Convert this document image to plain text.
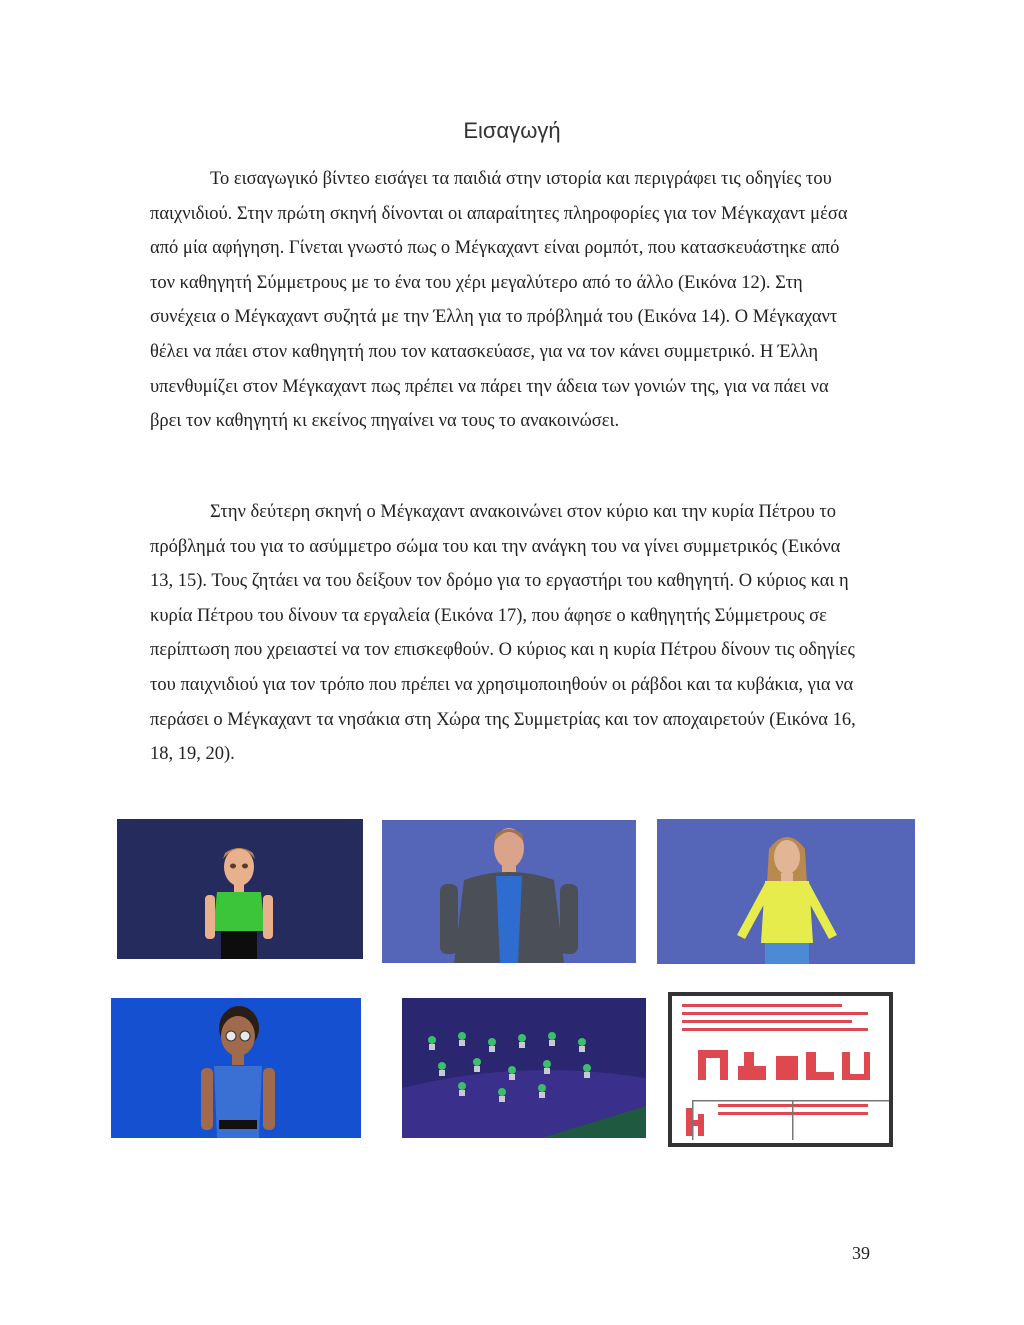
Εισαγωγή

Το εισαγωγικό βίντεο εισάγει τα παιδιά στην ιστορία και περιγράφει τις οδηγίες του παιχνιδιού. Στην πρώτη σκηνή δίνονται οι απαραίτητες πληροφορίες για τον Μέγκαχαντ μέσα από μία αφήγηση. Γίνεται γνωστό πως ο Μέγκαχαντ είναι ρομπότ, που κατασκευάστηκε από τον καθηγητή Σύμμετρους με το ένα του χέρι μεγαλύτερο από το άλλο (Εικόνα 12). Στη συνέχεια ο Μέγκαχαντ συζητά με την Έλλη για το πρόβλημά του (Εικόνα 14). Ο Μέγκαχαντ θέλει να πάει στον καθηγητή που τον κατασκεύασε, για να τον κάνει συμμετρικό. Η Έλλη υπενθυμίζει στον Μέγκαχαντ πως πρέπει να πάρει την άδεια των γονιών της, για να πάει να βρει τον καθηγητή κι εκείνος πηγαίνει να τους το ανακοινώσει.

Στην δεύτερη σκηνή ο Μέγκαχαντ ανακοινώνει στον κύριο και την κυρία Πέτρου το πρόβλημά του για το ασύμμετρο σώμα του και την ανάγκη του να γίνει συμμετρικός (Εικόνα 13, 15). Τους ζητάει να του δείξουν τον δρόμο για το εργαστήρι του καθηγητή. Ο κύριος και η κυρία Πέτρου του δίνουν τα εργαλεία (Εικόνα 17), που άφησε ο καθηγητής Σύμμετρους σε περίπτωση που χρειαστεί να τον επισκεφθούν. Ο κύριος και η κυρία Πέτρου δίνουν τις οδηγίες του παιχνιδιού για τον τρόπο που πρέπει να χρησιμοποιηθούν οι ράβδοι και τα κυβάκια, για να περάσει ο Μέγκαχαντ τα νησάκια στη Χώρα της Συμμετρίας και τον αποχαιρετούν (Εικόνα 16, 18, 19, 20).

39
